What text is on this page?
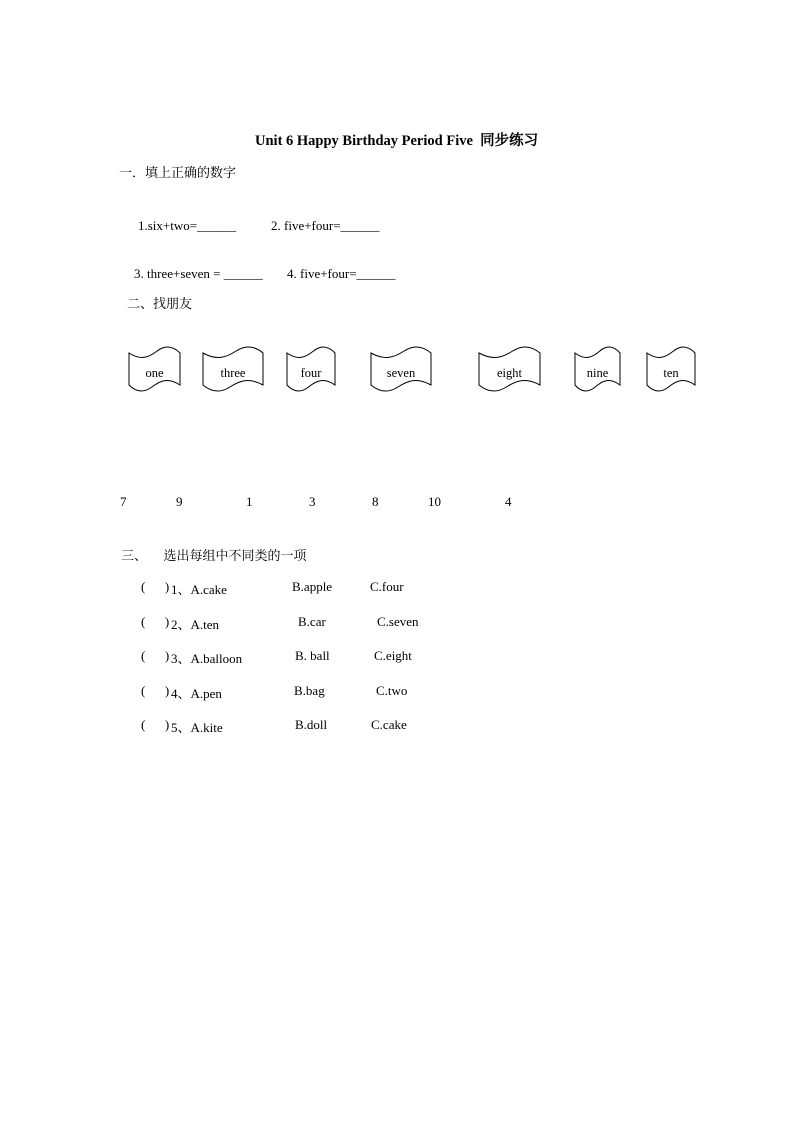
Unit 6 Happy Birthday Period Five  同步练习
一．填上正确的数字
1.six+two=______	2. five+four=______
3. three+seven = ______ 4. five+four=______
二、找朋友
one	three	four	seven	eight	nine	ten
7	9	1	3	8	10	4
三、    选出每组中不同类的一项
(      ) 1、A.cake	B.apple	C.four
(      ) 2、A.ten	B.car	C.seven
(      ) 3、A.balloon	B. ball	C.eight
(      ) 4、A.pen	B.bag	C.two
(      ) 5、A.kite	B.doll	C.cake
